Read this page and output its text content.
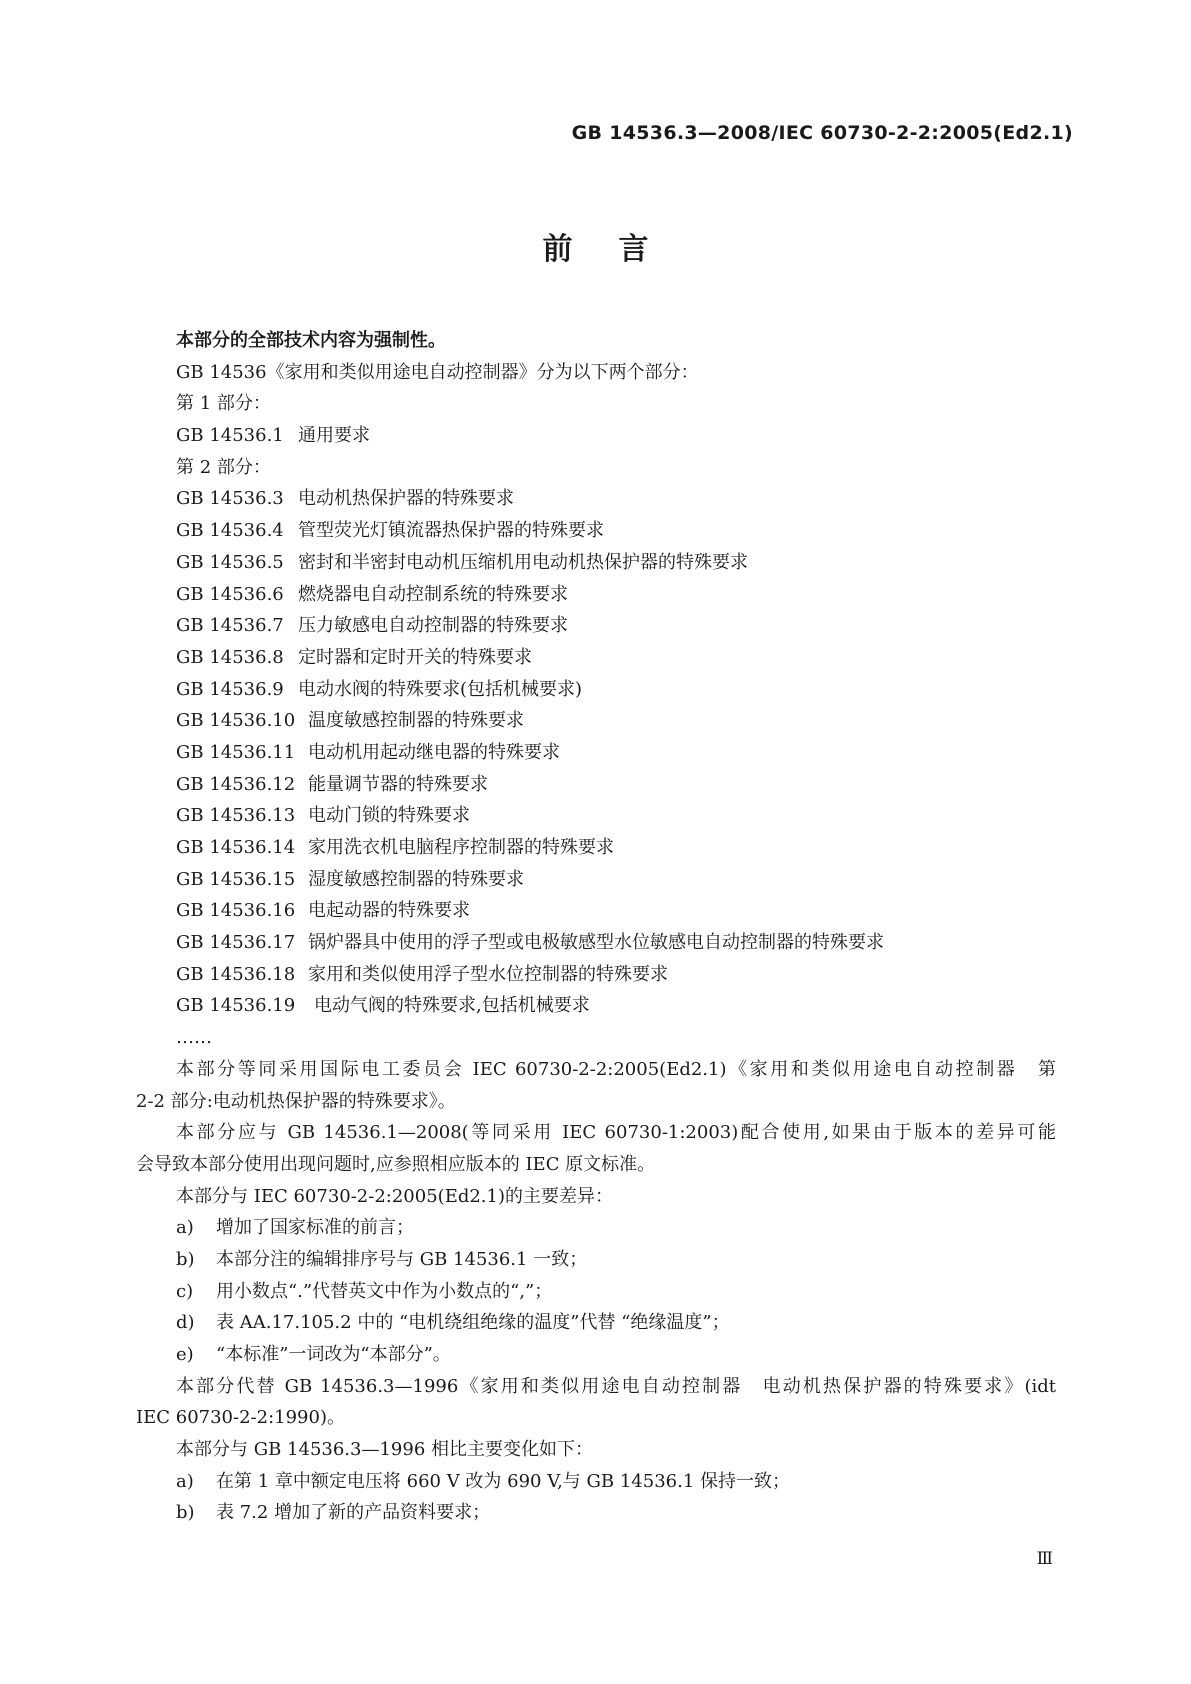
GB 14536.3—2008/IEC 60730-2-2:2005(Ed2.1)
前言
本部分的全部技术内容为强制性。
GB 14536《家用和类似用途电自动控制器》分为以下两个部分：
第 1 部分：
GB 14536.1 通用要求
第 2 部分：
GB 14536.3 电动机热保护器的特殊要求
GB 14536.4 管型荧光灯镇流器热保护器的特殊要求
GB 14536.5 密封和半密封电动机压缩机用电动机热保护器的特殊要求
GB 14536.6 燃烧器电自动控制系统的特殊要求
GB 14536.7 压力敏感电自动控制器的特殊要求
GB 14536.8 定时器和定时开关的特殊要求
GB 14536.9 电动水阀的特殊要求(包括机械要求)
GB 14536.10 温度敏感控制器的特殊要求
GB 14536.11 电动机用起动继电器的特殊要求
GB 14536.12 能量调节器的特殊要求
GB 14536.13 电动门锁的特殊要求
GB 14536.14 家用洗衣机电脑程序控制器的特殊要求
GB 14536.15 湿度敏感控制器的特殊要求
GB 14536.16 电起动器的特殊要求
GB 14536.17 锅炉器具中使用的浮子型或电极敏感型水位敏感电自动控制器的特殊要求
GB 14536.18 家用和类似使用浮子型水位控制器的特殊要求
GB 14536.19 电动气阀的特殊要求,包括机械要求
……
本部分等同采用国际电工委员会 IEC 60730-2-2:2005(Ed2.1)《家用和类似用途电自动控制器　第
2-2 部分:电动机热保护器的特殊要求》。
本部分应与 GB 14536.1—2008(等同采用 IEC 60730-1:2003)配合使用,如果由于版本的差异可能
会导致本部分使用出现问题时,应参照相应版本的 IEC 原文标准。
本部分与 IEC 60730-2-2:2005(Ed2.1)的主要差异：
a) 增加了国家标准的前言；
b) 本部分注的编辑排序号与 GB 14536.1 一致；
c) 用小数点“.”代替英文中作为小数点的“,”；
d) 表 AA.17.105.2 中的 “电机绕组绝缘的温度”代替 “绝缘温度”；
e) “本标准”一词改为“本部分”。
本部分代替 GB 14536.3—1996《家用和类似用途电自动控制器　电动机热保护器的特殊要求》(idt
IEC 60730-2-2:1990)。
本部分与 GB 14536.3—1996 相比主要变化如下：
a) 在第 1 章中额定电压将 660 V 改为 690 V,与 GB 14536.1 保持一致；
b) 表 7.2 增加了新的产品资料要求；
Ⅲ
